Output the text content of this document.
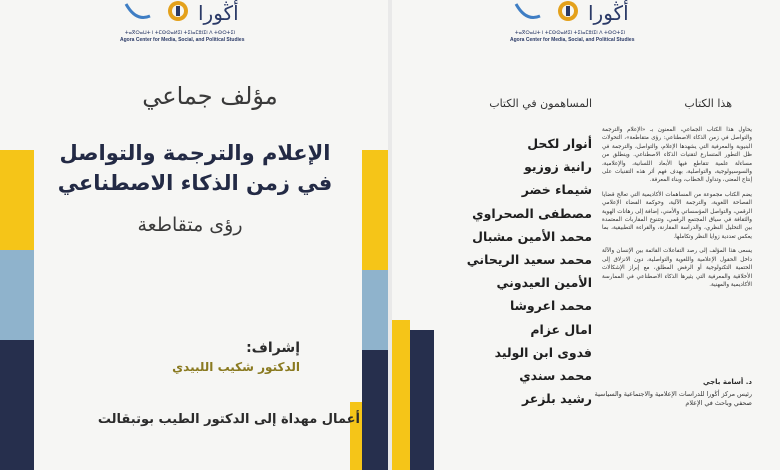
أڭورا
ⵜⴰⴳⵔⴰⵡⵜ ⵏ ⵜⵎⵙⵙⴰⵍⵉⵏ ⵜⵉⵏⴰⵎⵓⵏⵉⵏ ⴷ ⵜⵙⵔⵜⵉⵏ
Agora Center for Media, Social, and Political Studies
مؤلف جماعي
الإعلام والترجمة والتواصل
في زمن الذكاء الاصطناعي
رؤى متقاطعة
إشراف:
الدكتور شكيب اللبيدي
أعمال مهداة إلى الدكتور الطيب بوتبقالت
أڭورا
ⵜⴰⴳⵔⴰⵡⵜ ⵏ ⵜⵎⵙⵙⴰⵍⵉⵏ ⵜⵉⵏⴰⵎⵓⵏⵉⵏ ⴷ ⵜⵙⵔⵜⵉⵏ
Agora Center for Media, Social, and Political Studies
المساهمون في الكتاب	هذا الكتاب
أنوار لكحل
رانية زوزيو
شيماء خضر
مصطفى الصحراوي
محمد الأمين مشبال
محمد سعيد الريحاني
الأمين العيدوني
محمد اعروشا
امال عزام
فدوى ابن الوليد
محمد سندي
رشيد بلزعر

يحاول هذا الكتاب الجماعي، المعنون بـ «الإعلام والترجمة والتواصل في زمن الذكاء الاصطناعي: رؤى متقاطعة»، التحولات البنيوية والمعرفية التي يشهدها الإعلام، والتواصل، والترجمة في ظل التطور المتسارع لتقنيات الذكاء الاصطناعي. وينطلق من مساءلة علمية تتقاطع فيها الأبعاد اللسانية، والإعلامية، والسوسيولوجية، والتواصلية، بهدف فهم أثر هذه التقنيات على إنتاج المعنى، وتداول الخطاب، وبناء المعرفة.

يضم الكتاب مجموعة من المساهمات الأكاديمية التي تعالج قضايا الفصاحة اللغوية، والترجمة الآلية، وحوكمة الفضاء الإعلامي الرقمي، والتواصل المؤسساتي والأمني، إضافة إلى رهانات الهوية والثقافة في سياق المجتمع الرقمي، وتتنوع المقاربات المعتمدة بين التحليل النظري، والدراسة المقارنة، والقراءة التطبيقية، بما يعكس تعددية زوايا النظر وتكاملها.

يسعى هذا المؤلف إلى رصد التفاعلات القائمة بين الإنسان والآلة داخل الحقول الإعلامية واللغوية والتواصلية، دون الانزلاق إلى الحتمية التكنولوجية أو الرفض المطلق، مع إبراز الإشكالات الأخلاقية والمعرفية التي يثيرها الذكاء الاصطناعي في الممارسة الأكاديمية والمهنية.

د. أسامة باجي
رئيس مركز أڭورا للدراسات الإعلامية والاجتماعية والسياسية
صحفي وباحث في الإعلام
